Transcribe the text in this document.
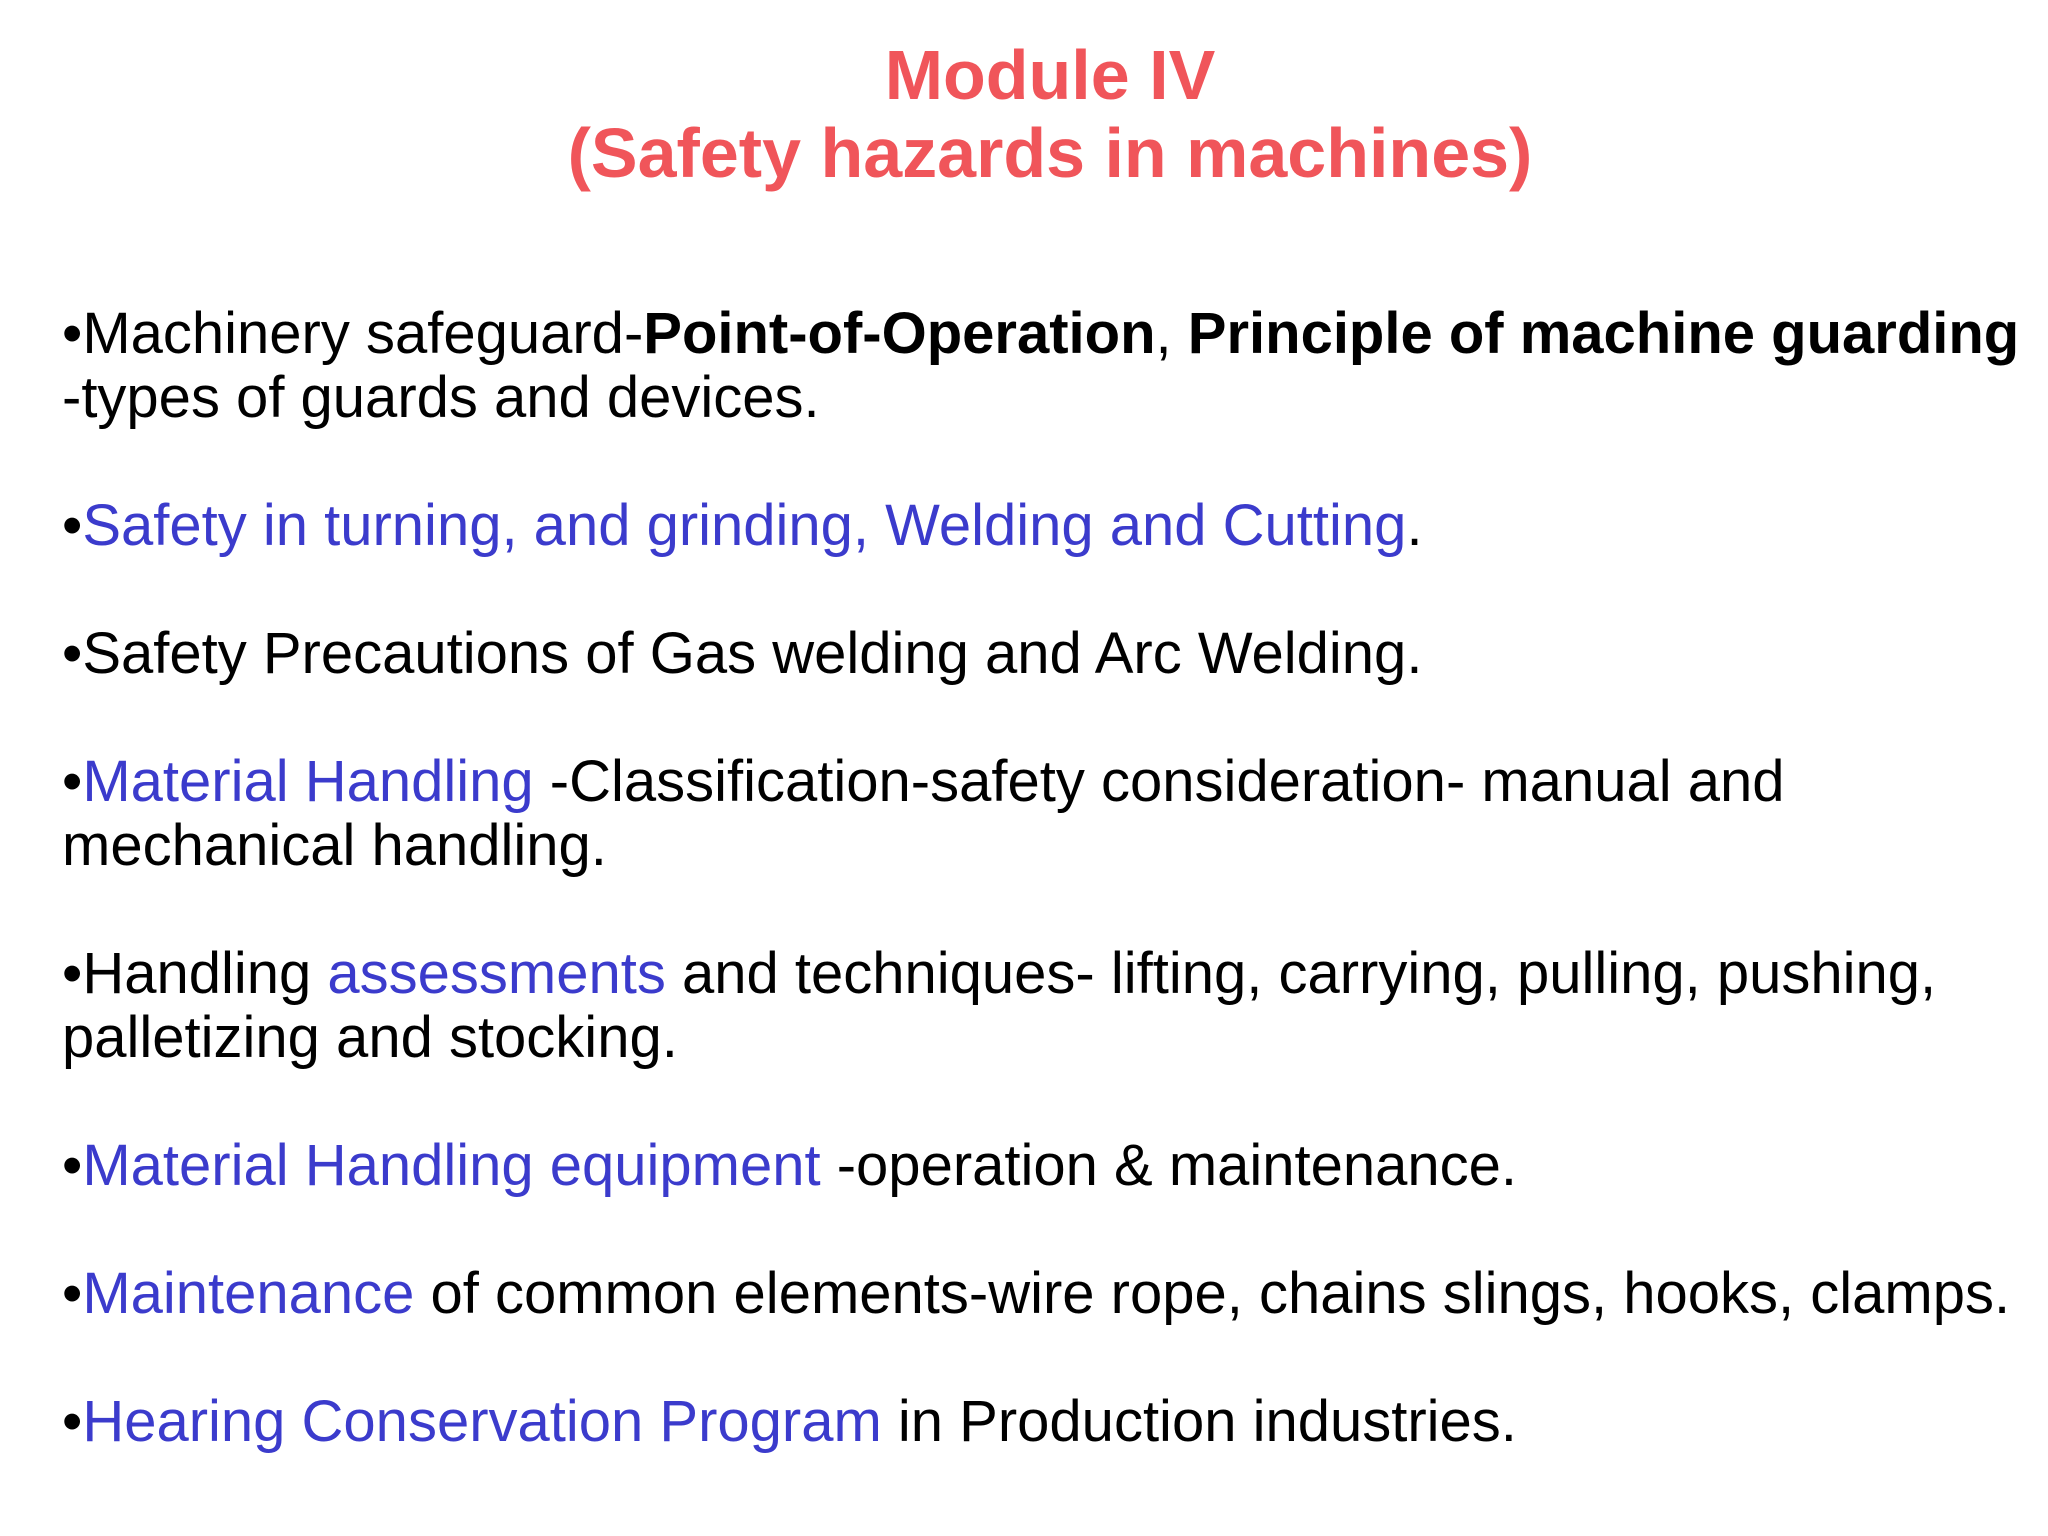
Module IV
(Safety hazards in machines)

•Machinery safeguard-Point-of-Operation, Principle of machine guarding -types of guards and devices.

•Safety in turning, and grinding, Welding and Cutting.

•Safety Precautions of Gas welding and Arc Welding.

•Material Handling -Classification-safety consideration- manual and mechanical handling.

•Handling assessments and techniques- lifting, carrying, pulling, pushing, palletizing and stocking.

•Material Handling equipment -operation & maintenance.

•Maintenance of common elements-wire rope, chains slings, hooks, clamps.

•Hearing Conservation Program in Production industries.
